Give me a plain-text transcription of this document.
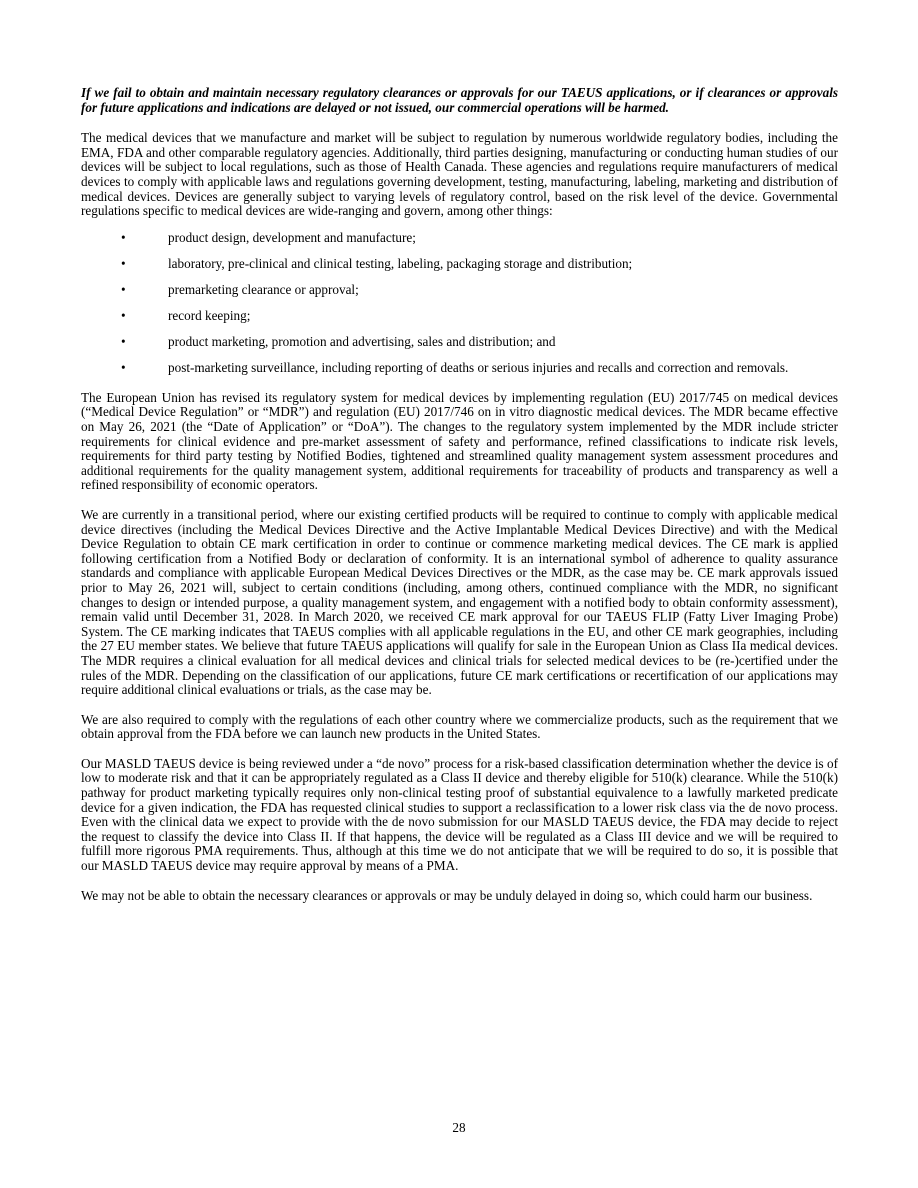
If we fail to obtain and maintain necessary regulatory clearances or approvals for our TAEUS applications, or if clearances or approvals for future applications and indications are delayed or not issued, our commercial operations will be harmed.

The medical devices that we manufacture and market will be subject to regulation by numerous worldwide regulatory bodies, including the EMA, FDA and other comparable regulatory agencies. Additionally, third parties designing, manufacturing or conducting human studies of our devices will be subject to local regulations, such as those of Health Canada. These agencies and regulations require manufacturers of medical devices to comply with applicable laws and regulations governing development, testing, manufacturing, labeling, marketing and distribution of medical devices. Devices are generally subject to varying levels of regulatory control, based on the risk level of the device. Governmental regulations specific to medical devices are wide-ranging and govern, among other things:

•	product design, development and manufacture;
•	laboratory, pre-clinical and clinical testing, labeling, packaging storage and distribution;
•	premarketing clearance or approval;
•	record keeping;
•	product marketing, promotion and advertising, sales and distribution; and
•	post-marketing surveillance, including reporting of deaths or serious injuries and recalls and correction and removals.

The European Union has revised its regulatory system for medical devices by implementing regulation (EU) 2017/745 on medical devices (“Medical Device Regulation” or “MDR”) and regulation (EU) 2017/746 on in vitro diagnostic medical devices. The MDR became effective on May 26, 2021 (the “Date of Application” or “DoA”). The changes to the regulatory system implemented by the MDR include stricter requirements for clinical evidence and pre-market assessment of safety and performance, refined classifications to indicate risk levels, requirements for third party testing by Notified Bodies, tightened and streamlined quality management system assessment procedures and additional requirements for the quality management system, additional requirements for traceability of products and transparency as well a refined responsibility of economic operators.

We are currently in a transitional period, where our existing certified products will be required to continue to comply with applicable medical device directives (including the Medical Devices Directive and the Active Implantable Medical Devices Directive) and with the Medical Device Regulation to obtain CE mark certification in order to continue or commence marketing medical devices. The CE mark is applied following certification from a Notified Body or declaration of conformity. It is an international symbol of adherence to quality assurance standards and compliance with applicable European Medical Devices Directives or the MDR, as the case may be. CE mark approvals issued prior to May 26, 2021 will, subject to certain conditions (including, among others, continued compliance with the MDR, no significant changes to design or intended purpose, a quality management system, and engagement with a notified body to obtain conformity assessment), remain valid until December 31, 2028. In March 2020, we received CE mark approval for our TAEUS FLIP (Fatty Liver Imaging Probe) System. The CE marking indicates that TAEUS complies with all applicable regulations in the EU, and other CE mark geographies, including the 27 EU member states. We believe that future TAEUS applications will qualify for sale in the European Union as Class IIa medical devices. The MDR requires a clinical evaluation for all medical devices and clinical trials for selected medical devices to be (re-)certified under the rules of the MDR. Depending on the classification of our applications, future CE mark certifications or recertification of our applications may require additional clinical evaluations or trials, as the case may be.

We are also required to comply with the regulations of each other country where we commercialize products, such as the requirement that we obtain approval from the FDA before we can launch new products in the United States.

Our MASLD TAEUS device is being reviewed under a “de novo” process for a risk-based classification determination whether the device is of low to moderate risk and that it can be appropriately regulated as a Class II device and thereby eligible for 510(k) clearance. While the 510(k) pathway for product marketing typically requires only non-clinical testing proof of substantial equivalence to a lawfully marketed predicate device for a given indication, the FDA has requested clinical studies to support a reclassification to a lower risk class via the de novo process. Even with the clinical data we expect to provide with the de novo submission for our MASLD TAEUS device, the FDA may decide to reject the request to classify the device into Class II. If that happens, the device will be regulated as a Class III device and we will be required to fulfill more rigorous PMA requirements. Thus, although at this time we do not anticipate that we will be required to do so, it is possible that our MASLD TAEUS device may require approval by means of a PMA.

We may not be able to obtain the necessary clearances or approvals or may be unduly delayed in doing so, which could harm our business.

28
